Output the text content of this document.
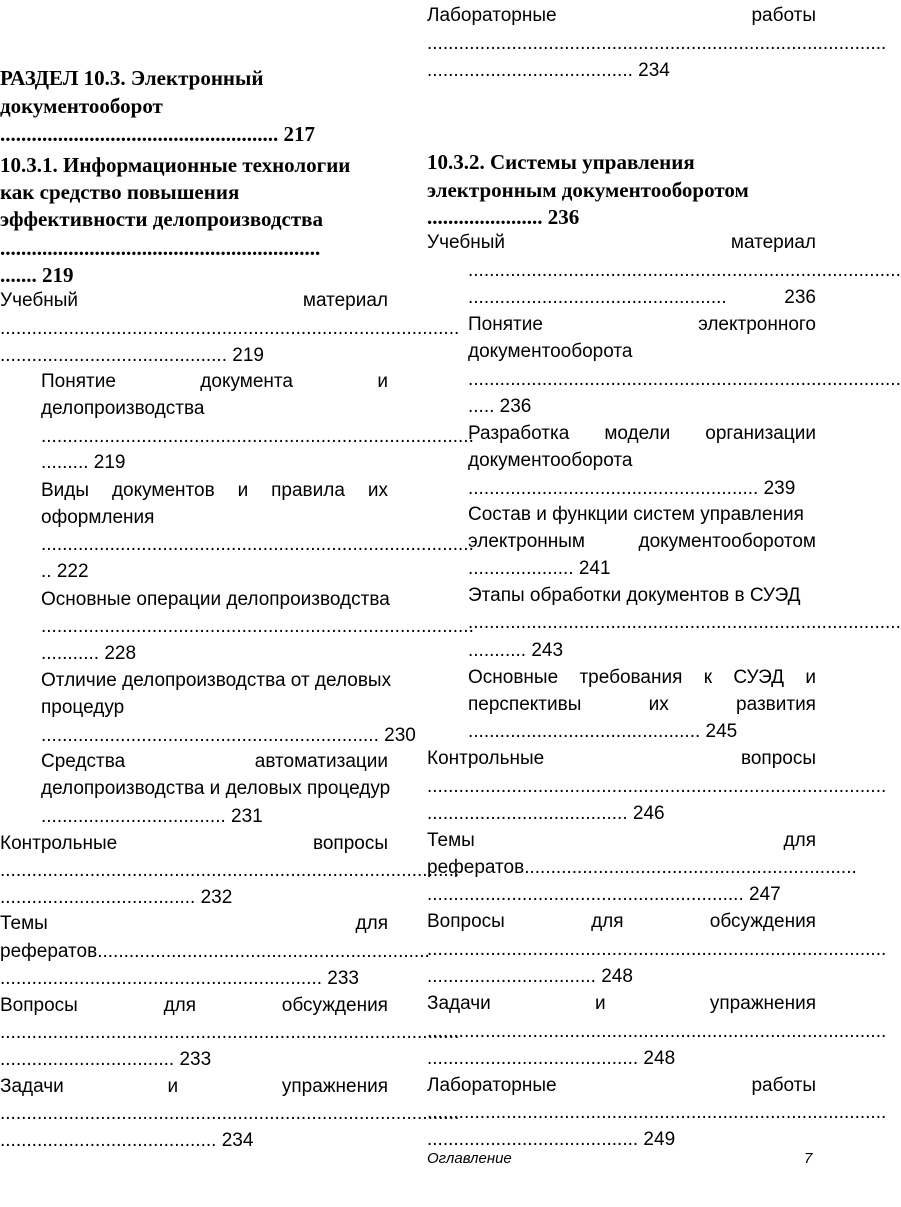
РАЗДЕЛ 10.3. Электронный
документооборот
..................................................... 217
10.3.1. Информационные технологии
как средство повышения
эффективности делопроизводства
.............................................................
....... 219
Учебный	материал
.......................................................................................
........................................... 219
Понятие	документа	и
делопроизводства
..................................................................................
......... 219
Виды документов и правила их
оформления
..................................................................................
.. 222
Основные операции делопроизводства
..................................................................................
........... 228
Отличие делопроизводства от деловых
процедур
................................................................ 230
Средства	автоматизации
делопроизводства и деловых процедур
................................... 231
Контрольные	вопросы
.......................................................................................
..................................... 232
Темы	для
рефератов...............................................................
............................................................. 233
Вопросы	для	обсуждения
.......................................................................................
................................. 233
Задачи	и	упражнения
.......................................................................................
......................................... 234
Лабораторные	работы
.......................................................................................
....................................... 234
10.3.2. Системы управления
электронным документооборотом
...................... 236
Учебный	материал
..................................................................................
.................................................	236
Понятие	электронного
документооборота
..................................................................................
..... 236
Разработка модели организации
документооборота
....................................................... 239
Состав и функции систем управления
электронным	документооборотом
.................... 241
Этапы обработки документов в СУЭД
..................................................................................
........... 243
Основные требования к СУЭД и
перспективы	их	развития
............................................ 245
Контрольные	вопросы
.......................................................................................
...................................... 246
Темы	для
рефератов...............................................................
............................................................ 247
Вопросы	для	обсуждения
.......................................................................................
................................ 248
Задачи	и	упражнения
.......................................................................................
........................................ 248
Лабораторные	работы
.......................................................................................
........................................ 249
Оглавление	7
